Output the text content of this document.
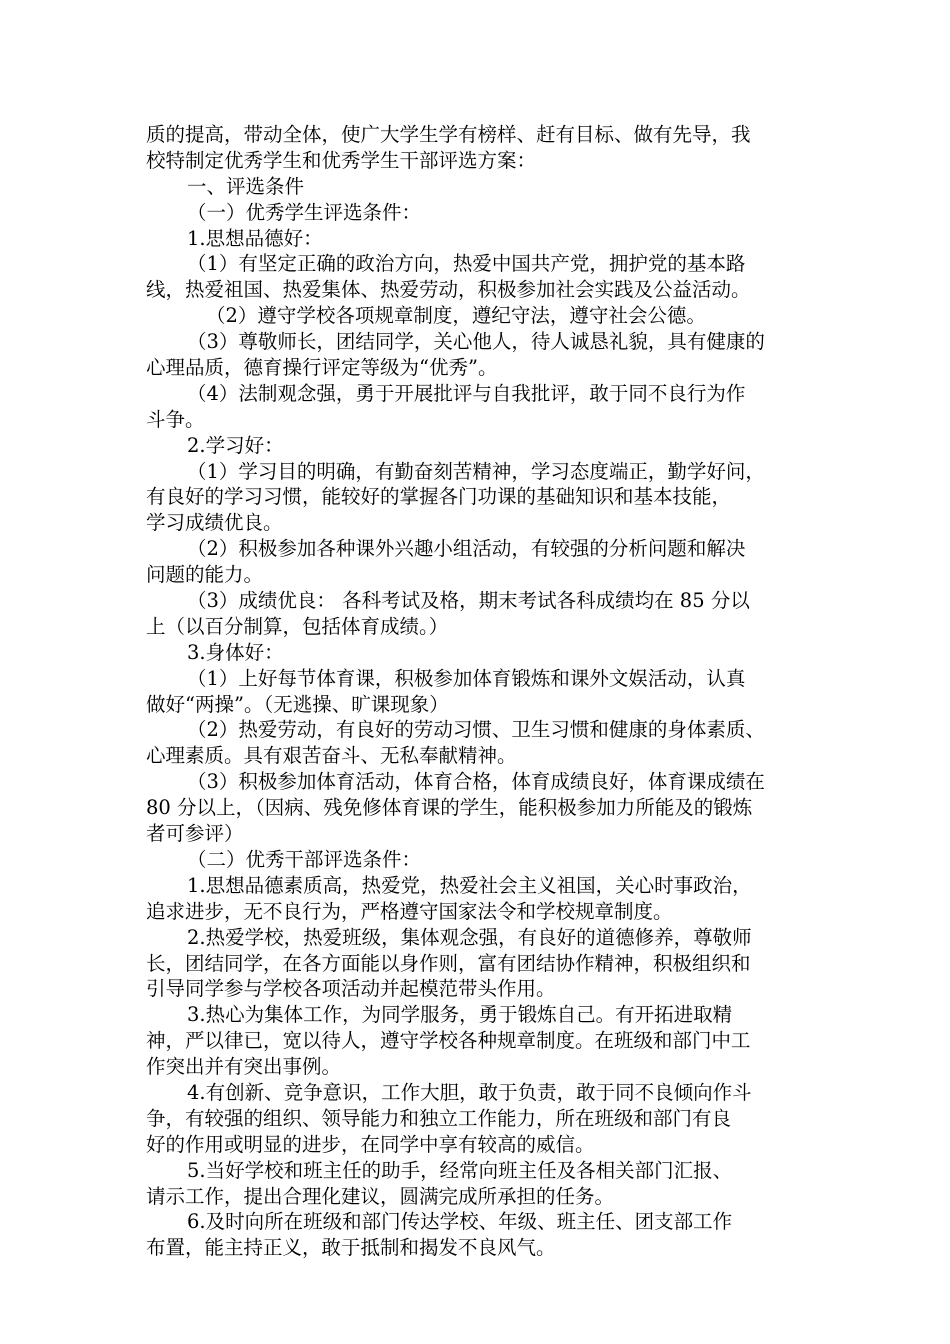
质的提高，带动全体，使广大学生学有榜样、赶有目标、做有先导，我
校特制定优秀学生和优秀学生干部评选方案：
一、评选条件
（一）优秀学生评选条件：
1.思想品德好：
（1）有坚定正确的政治方向，热爱中国共产党，拥护党的基本路
线，热爱祖国、热爱集体、热爱劳动，积极参加社会实践及公益活动。
（2）遵守学校各项规章制度，遵纪守法，遵守社会公德。
（3）尊敬师长，团结同学，关心他人，待人诚恳礼貌，具有健康的
心理品质，德育操行评定等级为“优秀”。
（4）法制观念强，勇于开展批评与自我批评，敢于同不良行为作
斗争。
2.学习好：
（1）学习目的明确，有勤奋刻苦精神，学习态度端正，勤学好问，
有良好的学习习惯，能较好的掌握各门功课的基础知识和基本技能，
学习成绩优良。
（2）积极参加各种课外兴趣小组活动，有较强的分析问题和解决
问题的能力。
（3）成绩优良： 各科考试及格，期末考试各科成绩均在 85 分以
上（以百分制算，包括体育成绩。）
3.身体好：
（1）上好每节体育课，积极参加体育锻炼和课外文娱活动，认真
做好“两操”。（无逃操、旷课现象）
（2）热爱劳动，有良好的劳动习惯、卫生习惯和健康的身体素质、
心理素质。具有艰苦奋斗、无私奉献精神。
（3）积极参加体育活动，体育合格，体育成绩良好，体育课成绩在
80 分以上，（因病、残免修体育课的学生，能积极参加力所能及的锻炼
者可参评）
（二）优秀干部评选条件：
1.思想品德素质高，热爱党，热爱社会主义祖国，关心时事政治，
追求进步，无不良行为，严格遵守国家法令和学校规章制度。
2.热爱学校，热爱班级，集体观念强，有良好的道德修养，尊敬师
长，团结同学，在各方面能以身作则，富有团结协作精神，积极组织和
引导同学参与学校各项活动并起模范带头作用。
3.热心为集体工作，为同学服务，勇于锻炼自己。有开拓进取精
神，严以律已，宽以待人，遵守学校各种规章制度。在班级和部门中工
作突出并有突出事例。
4.有创新、竞争意识，工作大胆，敢于负责，敢于同不良倾向作斗
争，有较强的组织、领导能力和独立工作能力，所在班级和部门有良
好的作用或明显的进步，在同学中享有较高的威信。
5.当好学校和班主任的助手，经常向班主任及各相关部门汇报、
请示工作，提出合理化建议，圆满完成所承担的任务。
6.及时向所在班级和部门传达学校、年级、班主任、团支部工作
布置，能主持正义，敢于抵制和揭发不良风气。
